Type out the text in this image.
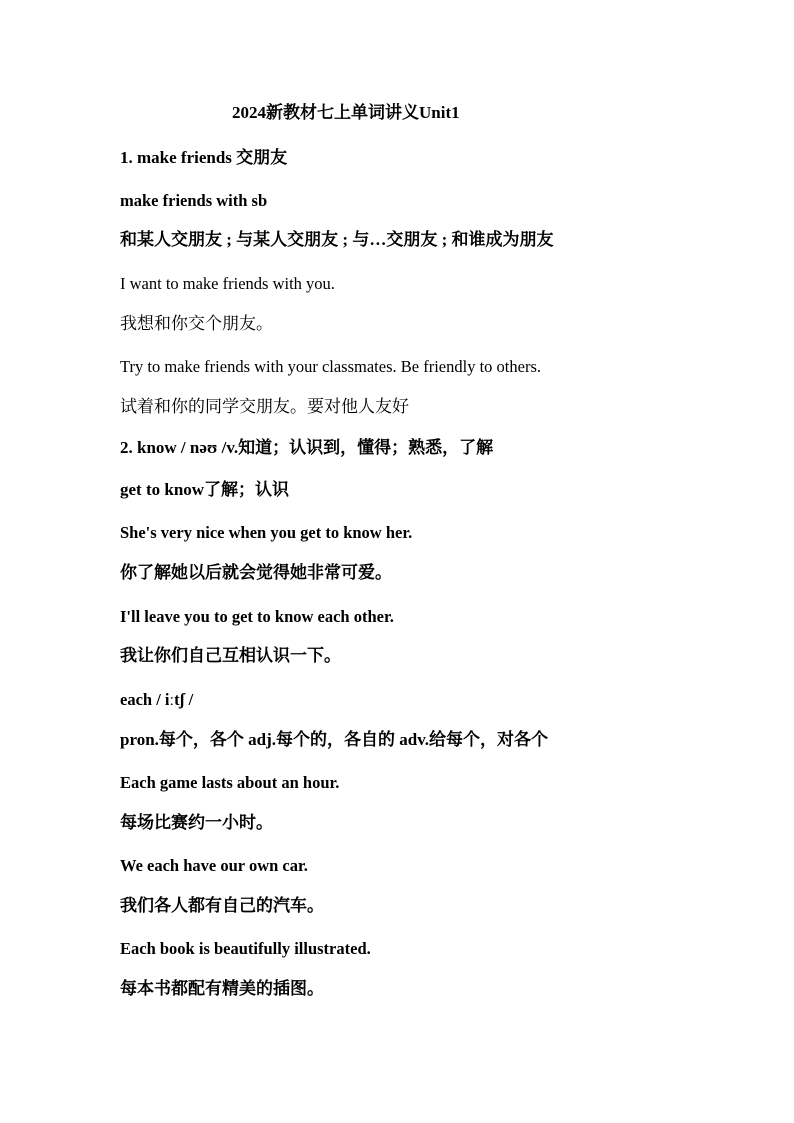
2024新教材七上单词讲义Unit1
1. make friends 交朋友
make friends with sb
和某人交朋友 ; 与某人交朋友 ; 与…交朋友 ; 和谁成为朋友
I want to make friends with you.
我想和你交个朋友。
Try to make friends with your classmates. Be friendly to others.
试着和你的同学交朋友。要对他人友好
2. know / nəʊ /v.知道；认识到，懂得；熟悉，了解
get to know了解；认识
She's very nice when you get to know her.
你了解她以后就会觉得她非常可爱。
I'll leave you to get to know each other.
我让你们自己互相认识一下。
each / iːtʃ /
pron.每个，各个 adj.每个的，各自的 adv.给每个，对各个
Each game lasts about an hour.
每场比赛约一小时。
We each have our own car.
我们各人都有自己的汽车。
Each book is beautifully illustrated.
每本书都配有精美的插图。
